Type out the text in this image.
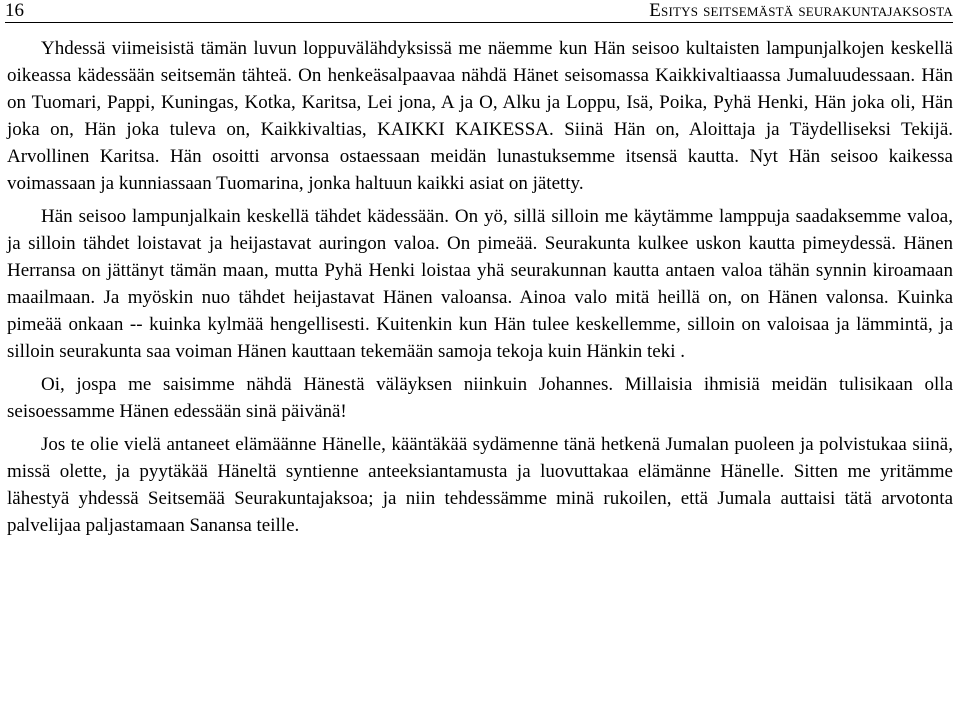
16	Esitys seitsemästä seurakuntajaksosta

Yhdessä viimeisistä tämän luvun loppuvälähdyksissä me näemme kun Hän seisoo kultaisten lampunjalkojen keskellä oikeassa kädessään seitsemän tähteä. On henkeäsalpaavaa nähdä Hänet seisomassa Kaikkivaltiaassa Jumaluudessaan. Hän on Tuomari, Pappi, Kuningas, Kotka, Karitsa, Lei jona, A ja O, Alku ja Loppu, Isä, Poika, Pyhä Henki, Hän joka oli, Hän joka on, Hän joka tuleva on, Kaikkivaltias, KAIKKI KAIKESSA. Siinä Hän on, Aloittaja ja Täydelliseksi Tekijä. Arvollinen Karitsa. Hän osoitti arvonsa ostaessaan meidän lunastuksemme itsensä kautta. Nyt Hän seisoo kaikessa voimassaan ja kunniassaan Tuomarina, jonka haltuun kaikki asiat on jätetty.

Hän seisoo lampunjalkain keskellä tähdet kädessään. On yö, sillä silloin me käytämme lamppuja saadaksemme valoa, ja silloin tähdet loistavat ja heijastavat auringon valoa. On pimeää. Seurakunta kulkee uskon kautta pimeydessä. Hänen Herransa on jättänyt tämän maan, mutta Pyhä Henki loistaa yhä seurakunnan kautta antaen valoa tähän synnin kiroamaan maailmaan. Ja myöskin nuo tähdet heijastavat Hänen valoansa. Ainoa valo mitä heillä on, on Hänen valonsa. Kuinka pimeää onkaan -- kuinka kylmää hengellisesti. Kuitenkin kun Hän tulee keskellemme, silloin on valoisaa ja lämmintä, ja silloin seurakunta saa voiman Hänen kauttaan tekemään samoja tekoja kuin Hänkin teki .

Oi, jospa me saisimme nähdä Hänestä väläyksen niinkuin Johannes. Millaisia ihmisiä meidän tulisikaan olla seisoessamme Hänen edessään sinä päivänä!

Jos te olie vielä antaneet elämäänne Hänelle, kääntäkää sydämenne tänä hetkenä Jumalan puoleen ja polvistukaa siinä, missä olette, ja pyytäkää Häneltä syntienne anteeksiantamusta ja luovuttakaa elämänne Hänelle. Sitten me yritämme lähestyä yhdessä Seitsemää Seurakuntajaksoa; ja niin tehdessämme minä rukoilen, että Jumala auttaisi tätä arvotonta palvelijaa paljastamaan Sanansa teille.
